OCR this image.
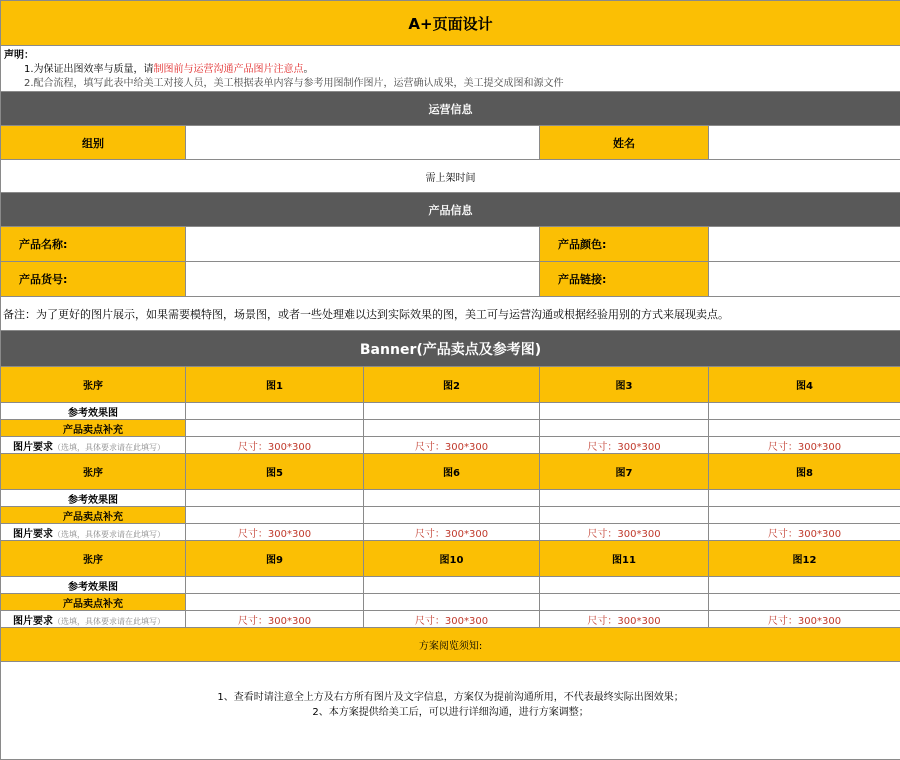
A+页面设计				

声明：
1.为保证出图效率与质量，请制图前与运营沟通产品图片注意点。
2.配合流程，填写此表中给美工对接人员，美工根据表单内容与参考用图制作图片，运营确认成果，美工提交成图和源文件				

运营信息				
组别			姓名	
需上架时间				
产品信息				
产品名称:			产品颜色:	
产品货号:			产品链接:	
备注：为了更好的图片展示，如果需要模特图，场景图，或者一些处理难以达到实际效果的图，美工可与运营沟通或根据经验用别的方式来展现卖点。				
Banner(产品卖点及参考图)				
张序	图1	图2	图3	图4
参考效果图				
产品卖点补充				
图片要求（选填，具体要求请在此填写）	尺寸：300*300	尺寸：300*300	尺寸：300*300	尺寸：300*300
张序	图5	图6	图7	图8
参考效果图				
产品卖点补充				
图片要求（选填，具体要求请在此填写）	尺寸：300*300	尺寸：300*300	尺寸：300*300	尺寸：300*300
张序	图9	图10	图11	图12
参考效果图				
产品卖点补充				
图片要求（选填，具体要求请在此填写）	尺寸：300*300	尺寸：300*300	尺寸：300*300	尺寸：300*300
方案阅览须知:				

1、查看时请注意全上方及右方所有图片及文字信息，方案仅为提前沟通所用，不代表最终实际出图效果；
2、本方案提供给美工后，可以进行详细沟通，进行方案调整；				
